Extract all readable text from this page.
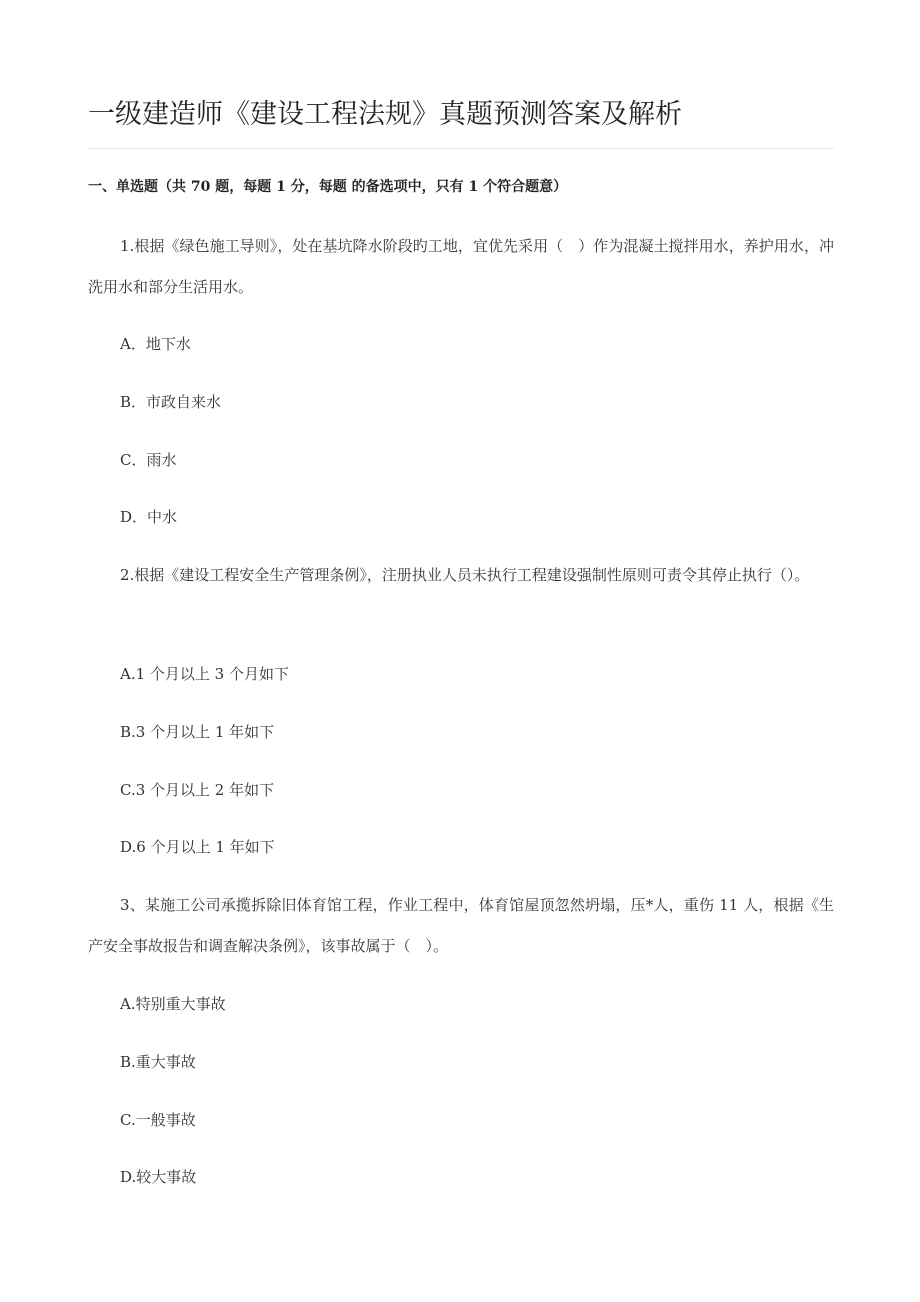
一级建造师《建设工程法规》真题预测答案及解析
一、单选题（共 70 题，每题 1 分，每题 的备选项中，只有 1 个符合题意）
1.根据《绿色施工导则》，处在基坑降水阶段旳工地，宜优先采用（　）作为混凝土搅拌用水，养护用水，冲洗用水和部分生活用水。
A．地下水
B．市政自来水
C．雨水
D．中水
2.根据《建设工程安全生产管理条例》，注册执业人员未执行工程建设强制性原则可责令其停止执行（）。
A.1 个月以上 3 个月如下
B.3 个月以上 1 年如下
C.3 个月以上 2 年如下
D.6 个月以上 1 年如下
3、某施工公司承揽拆除旧体育馆工程，作业工程中，体育馆屋顶忽然坍塌，压*人，重伤 11 人，根据《生产安全事故报告和调查解决条例》，该事故属于（　）。
A.特别重大事故
B.重大事故
C.一般事故
D.较大事故
